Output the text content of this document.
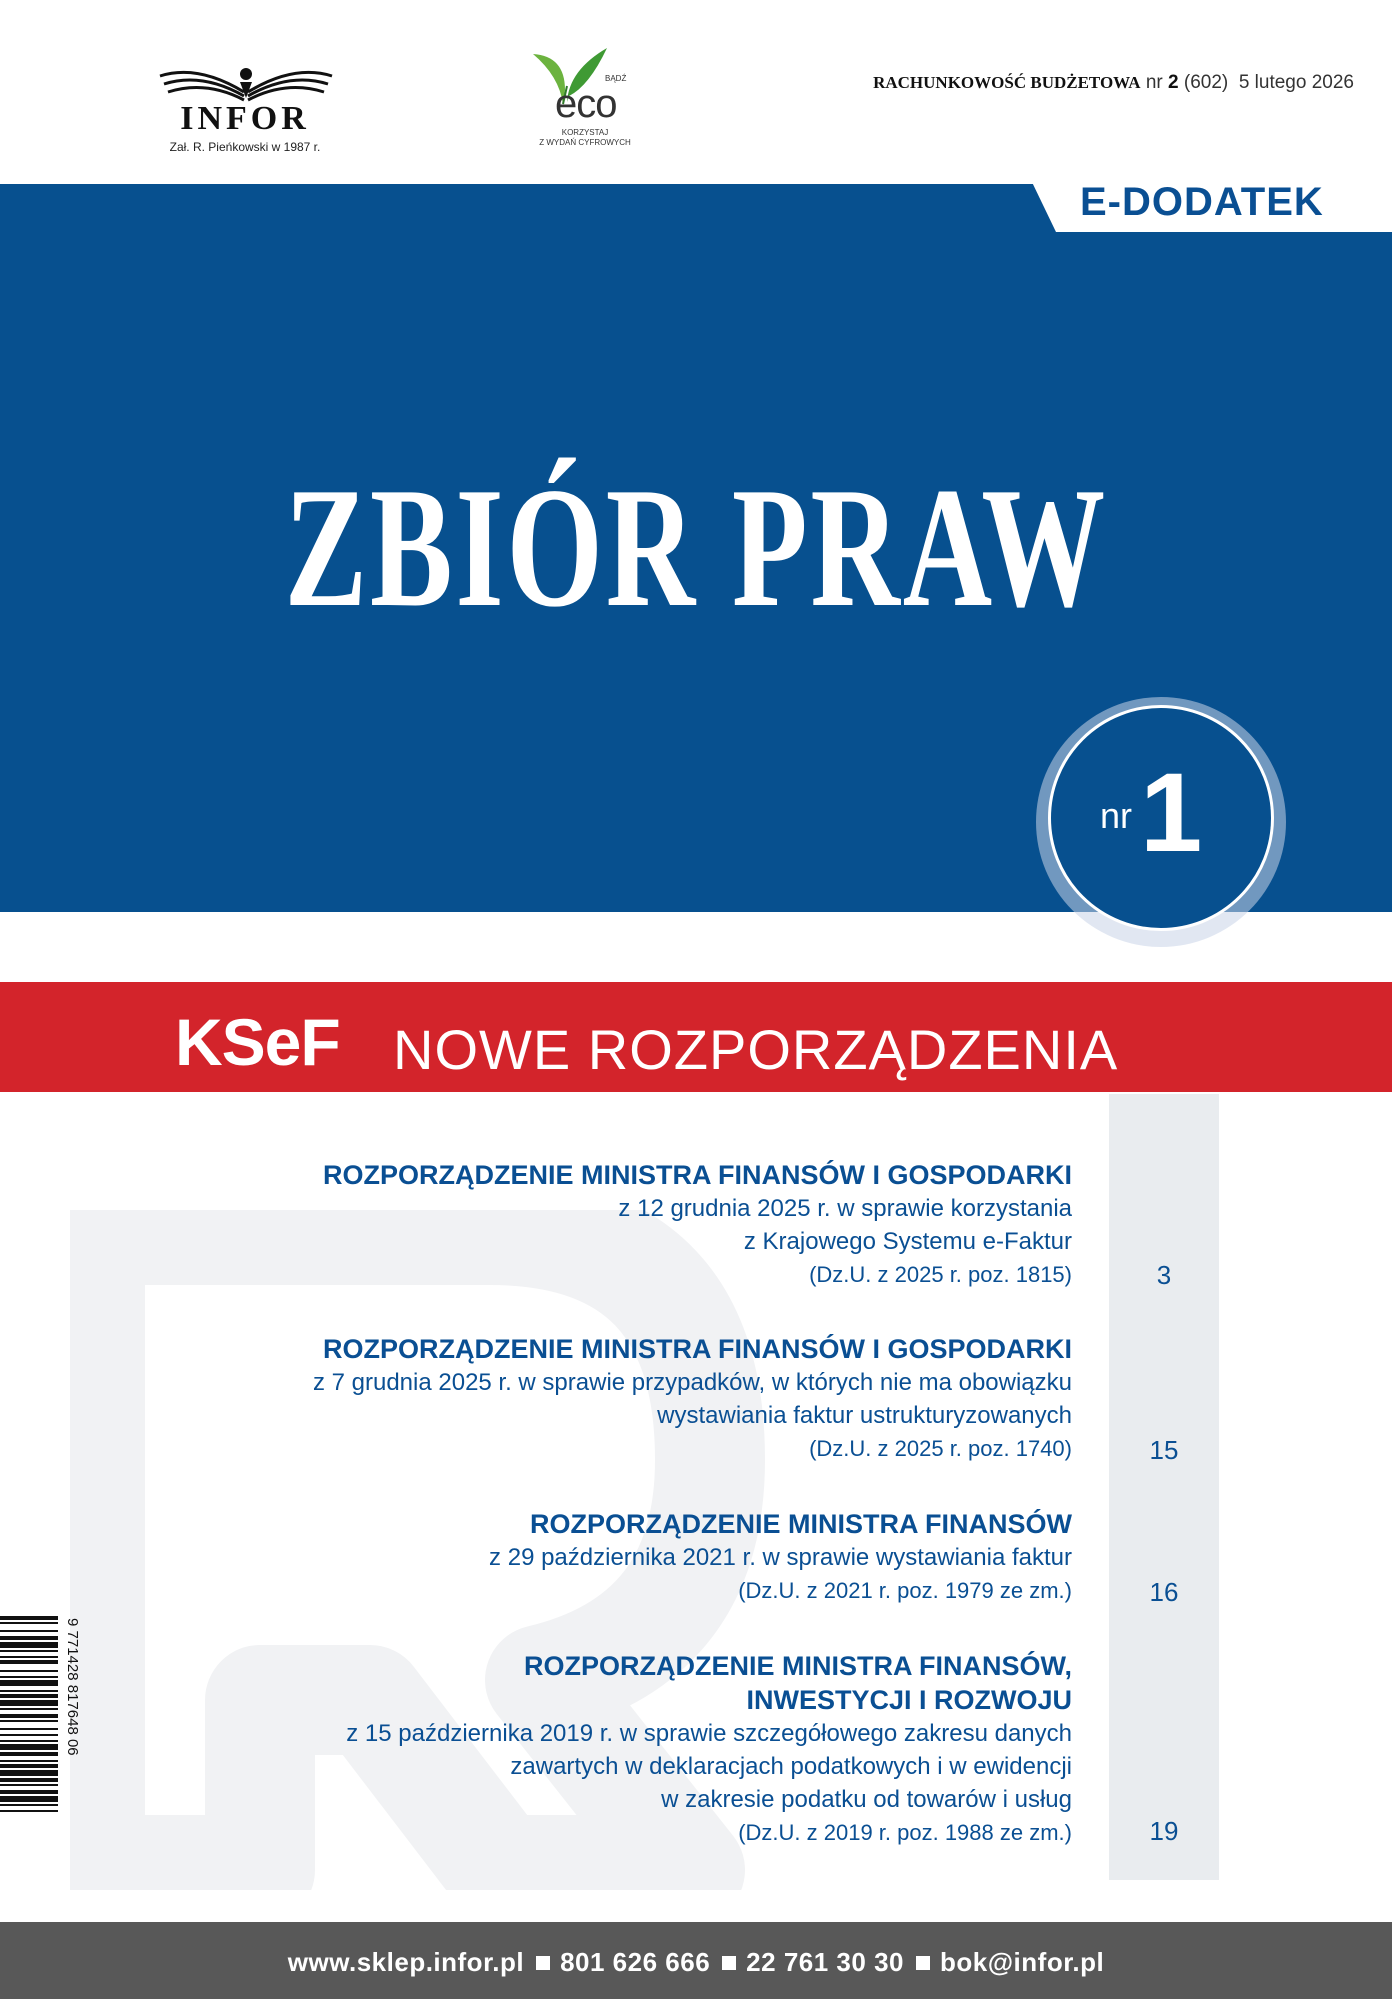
INFOR
Zał. R. Pieńkowski w 1987 r.
BĄDŹ
eco
KORZYSTAJ
Z WYDAŃ CYFROWYCH
RACHUNKOWOŚĆ BUDŻETOWA nr 2 (602) 5 lutego 2026
E-DODATEK
ZBIÓR PRAW
nr 1
KSeF NOWE ROZPORZĄDZENIA
ROZPORZĄDZENIE MINISTRA FINANSÓW I GOSPODARKI
z 12 grudnia 2025 r. w sprawie korzystania
z Krajowego Systemu e-Faktur
(Dz.U. z 2025 r. poz. 1815)	3
ROZPORZĄDZENIE MINISTRA FINANSÓW I GOSPODARKI
z 7 grudnia 2025 r. w sprawie przypadków, w których nie ma obowiązku
wystawiania faktur ustrukturyzowanych
(Dz.U. z 2025 r. poz. 1740)	15
ROZPORZĄDZENIE MINISTRA FINANSÓW
z 29 października 2021 r. w sprawie wystawiania faktur
(Dz.U. z 2021 r. poz. 1979 ze zm.)	16
ROZPORZĄDZENIE MINISTRA FINANSÓW,
INWESTYCJI I ROZWOJU
z 15 października 2019 r. w sprawie szczegółowego zakresu danych
zawartych w deklaracjach podatkowych i w ewidencji
w zakresie podatku od towarów i usług
(Dz.U. z 2019 r. poz. 1988 ze zm.)	19
9 771428 817648 06
www.sklep.infor.pl 801 626 666 22 761 30 30 bok@infor.pl
